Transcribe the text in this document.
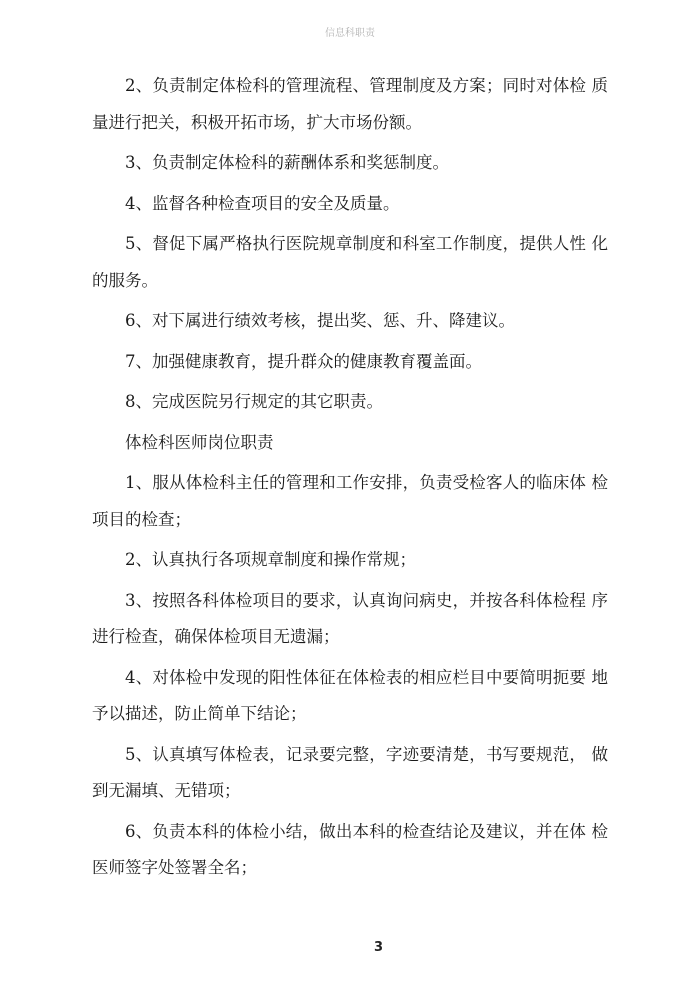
信息科职责

2、负责制定体检科的管理流程、管理制度及方案；同时对体检 质量进行把关，积极开拓市场，扩大市场份额。

3、负责制定体检科的薪酬体系和奖惩制度。

4、监督各种检查项目的安全及质量。

5、督促下属严格执行医院规章制度和科室工作制度，提供人性 化的服务。

6、对下属进行绩效考核，提出奖、惩、升、降建议。

7、加强健康教育，提升群众的健康教育覆盖面。

8、完成医院另行规定的其它职责。

体检科医师岗位职责

1、服从体检科主任的管理和工作安排，负责受检客人的临床体 检项目的检查；

2、认真执行各项规章制度和操作常规；

3、按照各科体检项目的要求，认真询问病史，并按各科体检程 序进行检查，确保体检项目无遗漏；

4、对体检中发现的阳性体征在体检表的相应栏目中要简明扼要 地予以描述，防止简单下结论；

5、认真填写体检表，记录要完整，字迹要清楚，书写要规范， 做到无漏填、无错项；

6、负责本科的体检小结，做出本科的检查结论及建议，并在体 检医师签字处签署全名；

3
